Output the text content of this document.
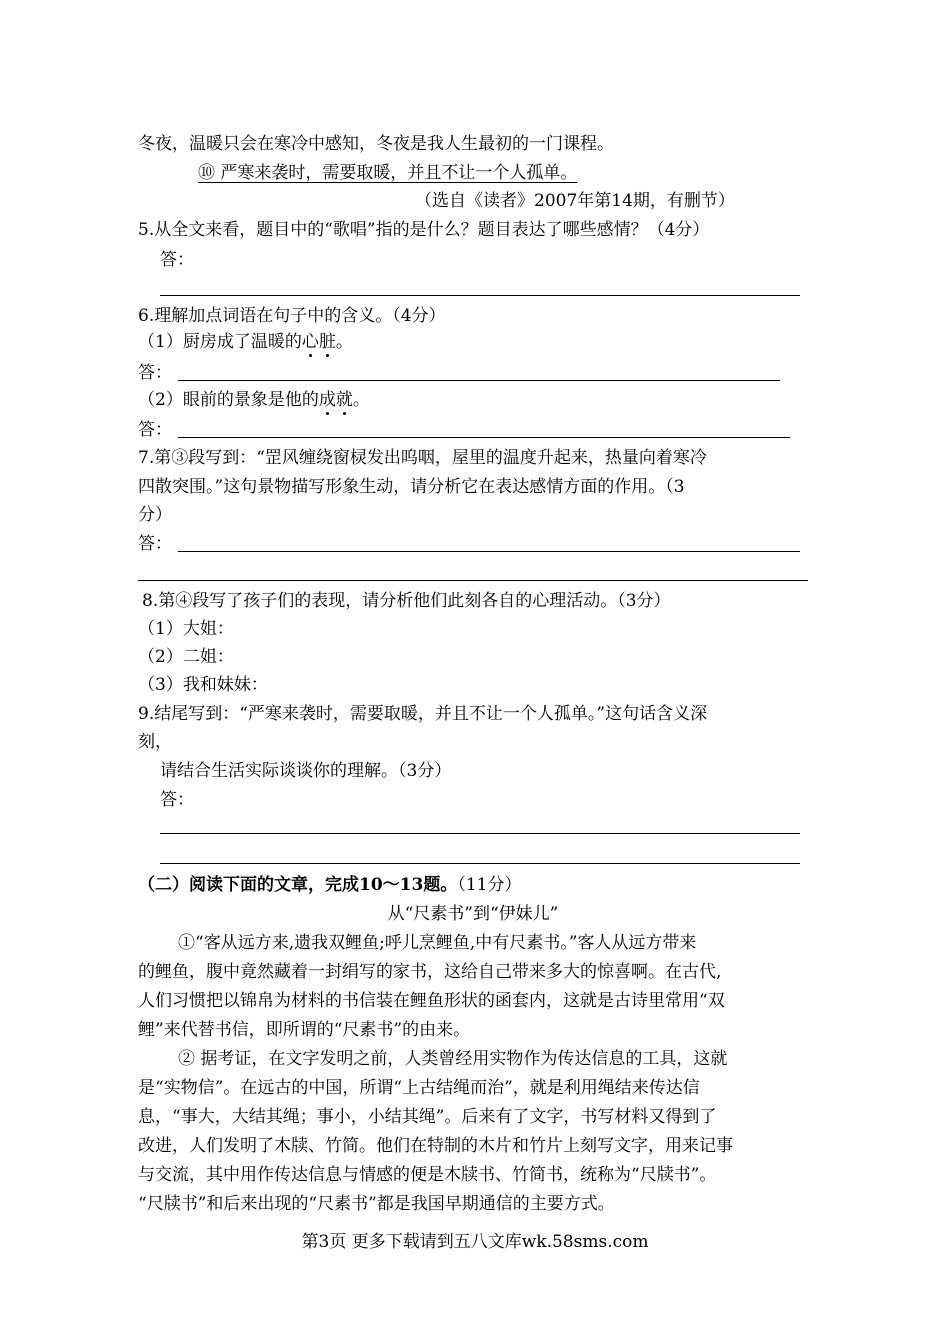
冬夜，温暖只会在寒冷中感知，冬夜是我人生最初的一门课程。
⑩ 严寒来袭时，需要取暖，并且不让一个人孤单。
（选自《读者》2007年第14期，有删节）
5.从全文来看，题目中的“歌唱”指的是什么？题目表达了哪些感情？（4分）
答：
6.理解加点词语在句子中的含义。（4分）
（1）厨房成了温暖的心脏。
答：
（2）眼前的景象是他的成就。
答：
7.第③段写到：“罡风缠绕窗棂发出呜咽，屋里的温度升起来，热量向着寒冷
四散突围。”这句景物描写形象生动，请分析它在表达感情方面的作用。（3
分）
答：
8.第④段写了孩子们的表现，请分析他们此刻各自的心理活动。（3分）
（1）大姐：
（2）二姐：
（3）我和妹妹：
9.结尾写到：“严寒来袭时，需要取暖，并且不让一个人孤单。”这句话含义深
刻，
请结合生活实际谈谈你的理解。（3分）
答：
（二）阅读下面的文章，完成10～13题。（11分）
从“尺素书”到“伊妹儿”
①“客从远方来,遗我双鲤鱼;呼儿烹鲤鱼,中有尺素书。”客人从远方带来
的鲤鱼，腹中竟然藏着一封绢写的家书，这给自己带来多大的惊喜啊。在古代,
人们习惯把以锦帛为材料的书信装在鲤鱼形状的函套内，这就是古诗里常用“双
鲤”来代替书信，即所谓的“尺素书”的由来。
② 据考证，在文字发明之前，人类曾经用实物作为传达信息的工具，这就
是“实物信”。在远古的中国，所谓“上古结绳而治”，就是利用绳结来传达信
息，“事大，大结其绳；事小，小结其绳”。后来有了文字，书写材料又得到了
改进，人们发明了木牍、竹简。他们在特制的木片和竹片上刻写文字，用来记事
与交流，其中用作传达信息与情感的便是木牍书、竹简书，统称为“尺牍书”。
“尺牍书”和后来出现的“尺素书”都是我国早期通信的主要方式。
第3页 更多下载请到五八文库wk.58sms.com
